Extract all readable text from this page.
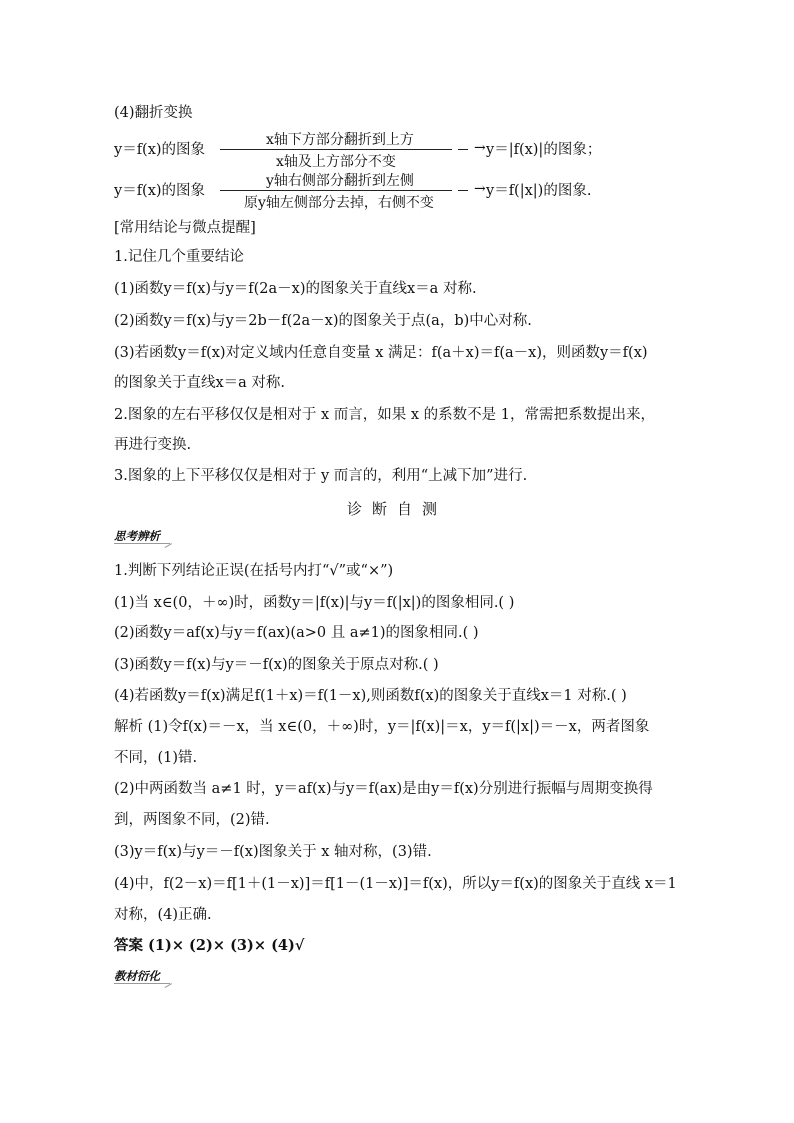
(4)翻折变换
y＝f(x)的图象
x轴下方部分翻折到上方	→
x轴及上方部分不变
y＝|f(x)|的图象；
y＝f(x)的图象
y轴右侧部分翻折到左侧	→
原y轴左侧部分去掉，右侧不变
y＝f(|x|)的图象.
[常用结论与微点提醒]
1.记住几个重要结论
(1)函数y＝f(x)与y＝f(2a－x)的图象关于直线x＝a 对称.
(2)函数y＝f(x)与y＝2b－f(2a－x)的图象关于点(a，b)中心对称.
(3)若函数y＝f(x)对定义域内任意自变量 x 满足：f(a＋x)＝f(a－x)，则函数y＝f(x)
的图象关于直线x＝a 对称.
2.图象的左右平移仅仅是相对于 x 而言，如果 x 的系数不是 1，常需把系数提出来，
再进行变换.
3.图象的上下平移仅仅是相对于 y 而言的，利用“上减下加”进行.
诊断自测
思考辨析
1.判断下列结论正误(在括号内打“√”或“×”)
(1)当 x∈(0，＋∞)时，函数y＝|f(x)|与y＝f(|x|)的图象相同.( )
(2)函数y＝af(x)与y＝f(ax)(a>0 且 a≠1)的图象相同.( )
(3)函数y＝f(x)与y＝－f(x)的图象关于原点对称.( )
(4)若函数y＝f(x)满足f(1＋x)＝f(1－x),则函数f(x)的图象关于直线x＝1 对称.( )
解析 (1)令f(x)＝－x，当 x∈(0，＋∞)时，y＝|f(x)|＝x，y＝f(|x|)＝－x，两者图象
不同，(1)错.
(2)中两函数当 a≠1 时，y＝af(x)与y＝f(ax)是由y＝f(x)分别进行振幅与周期变换得
到，两图象不同，(2)错.
(3)y＝f(x)与y＝－f(x)图象关于 x 轴对称，(3)错.
(4)中，f(2－x)＝f[1＋(1－x)]＝f[1－(1－x)]＝f(x)，所以y＝f(x)的图象关于直线 x＝1
对称，(4)正确.
答案 (1)× (2)× (3)× (4)√
教材衍化
